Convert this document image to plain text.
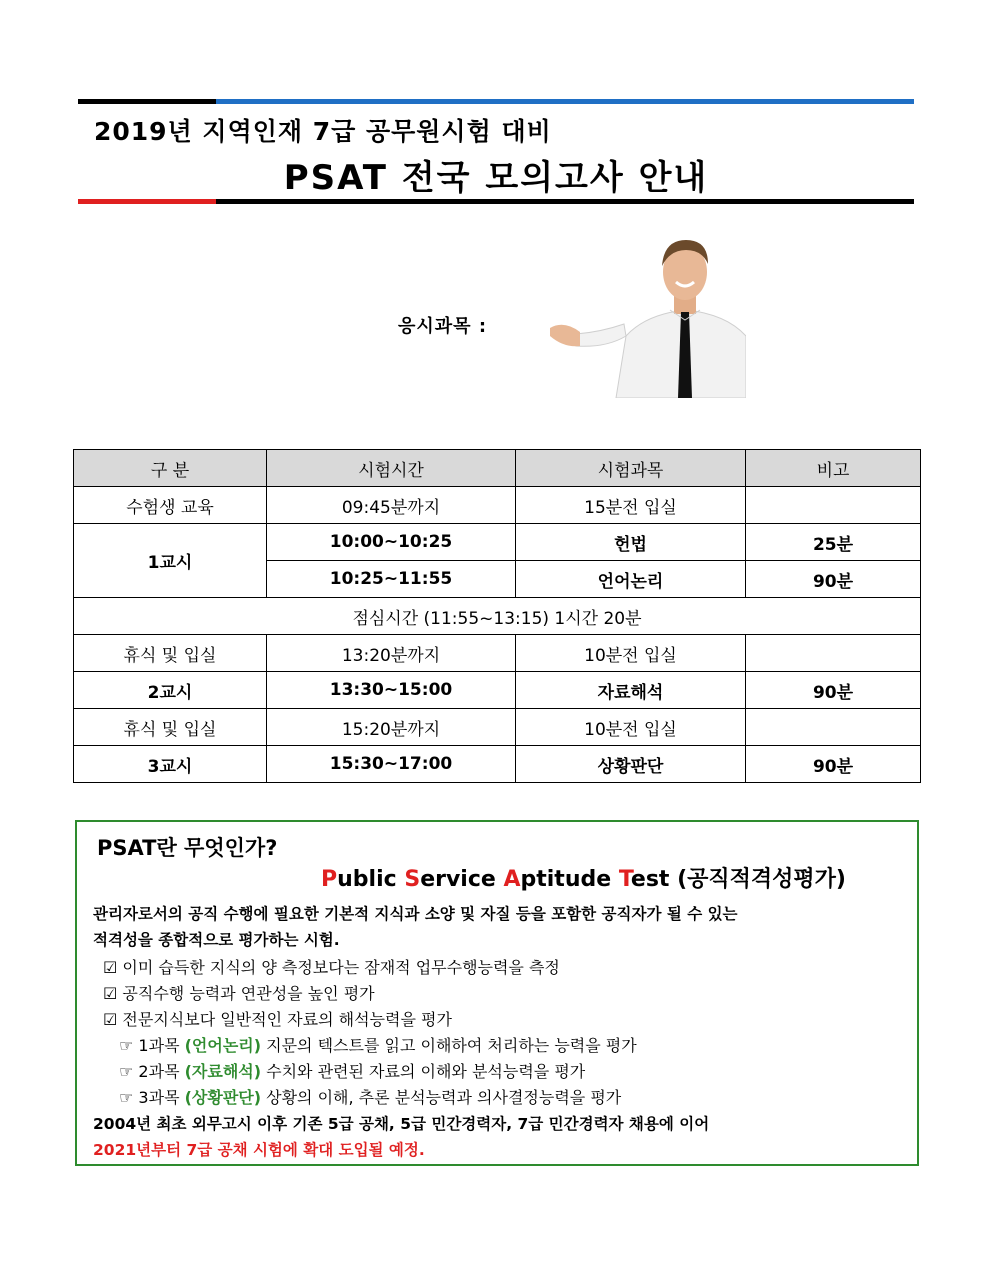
2019년 지역인재 7급 공무원시험 대비
PSAT 전국 모의고사 안내
응시과목 :
구 분	시험시간	시험과목	비고
수험생 교육	09:45분까지	15분전 입실	
1교시	10:00~10:25	헌법	25분
	10:25~11:55	언어논리	90분
점심시간 (11:55~13:15) 1시간 20분			
휴식 및 입실	13:20분까지	10분전 입실	
2교시	13:30~15:00	자료해석	90분
휴식 및 입실	15:20분까지	10분전 입실	
3교시	15:30~17:00	상황판단	90분
PSAT란 무엇인가?
Public Service Aptitude Test (공직적격성평가)
관리자로서의 공직 수행에 필요한 기본적 지식과 소양 및 자질 등을 포함한 공직자가 될 수 있는
적격성을 종합적으로 평가하는 시험.
☑ 이미 습득한 지식의 양 측정보다는 잠재적 업무수행능력을 측정
☑ 공직수행 능력과 연관성을 높인 평가
☑ 전문지식보다 일반적인 자료의 해석능력을 평가
☞ 1과목 (언어논리) 지문의 텍스트를 읽고 이해하여 처리하는 능력을 평가
☞ 2과목 (자료해석) 수치와 관련된 자료의 이해와 분석능력을 평가
☞ 3과목 (상황판단) 상황의 이해, 추론 분석능력과 의사결정능력을 평가
2004년 최초 외무고시 이후 기존 5급 공채, 5급 민간경력자, 7급 민간경력자 채용에 이어
2021년부터 7급 공채 시험에 확대 도입될 예정.
